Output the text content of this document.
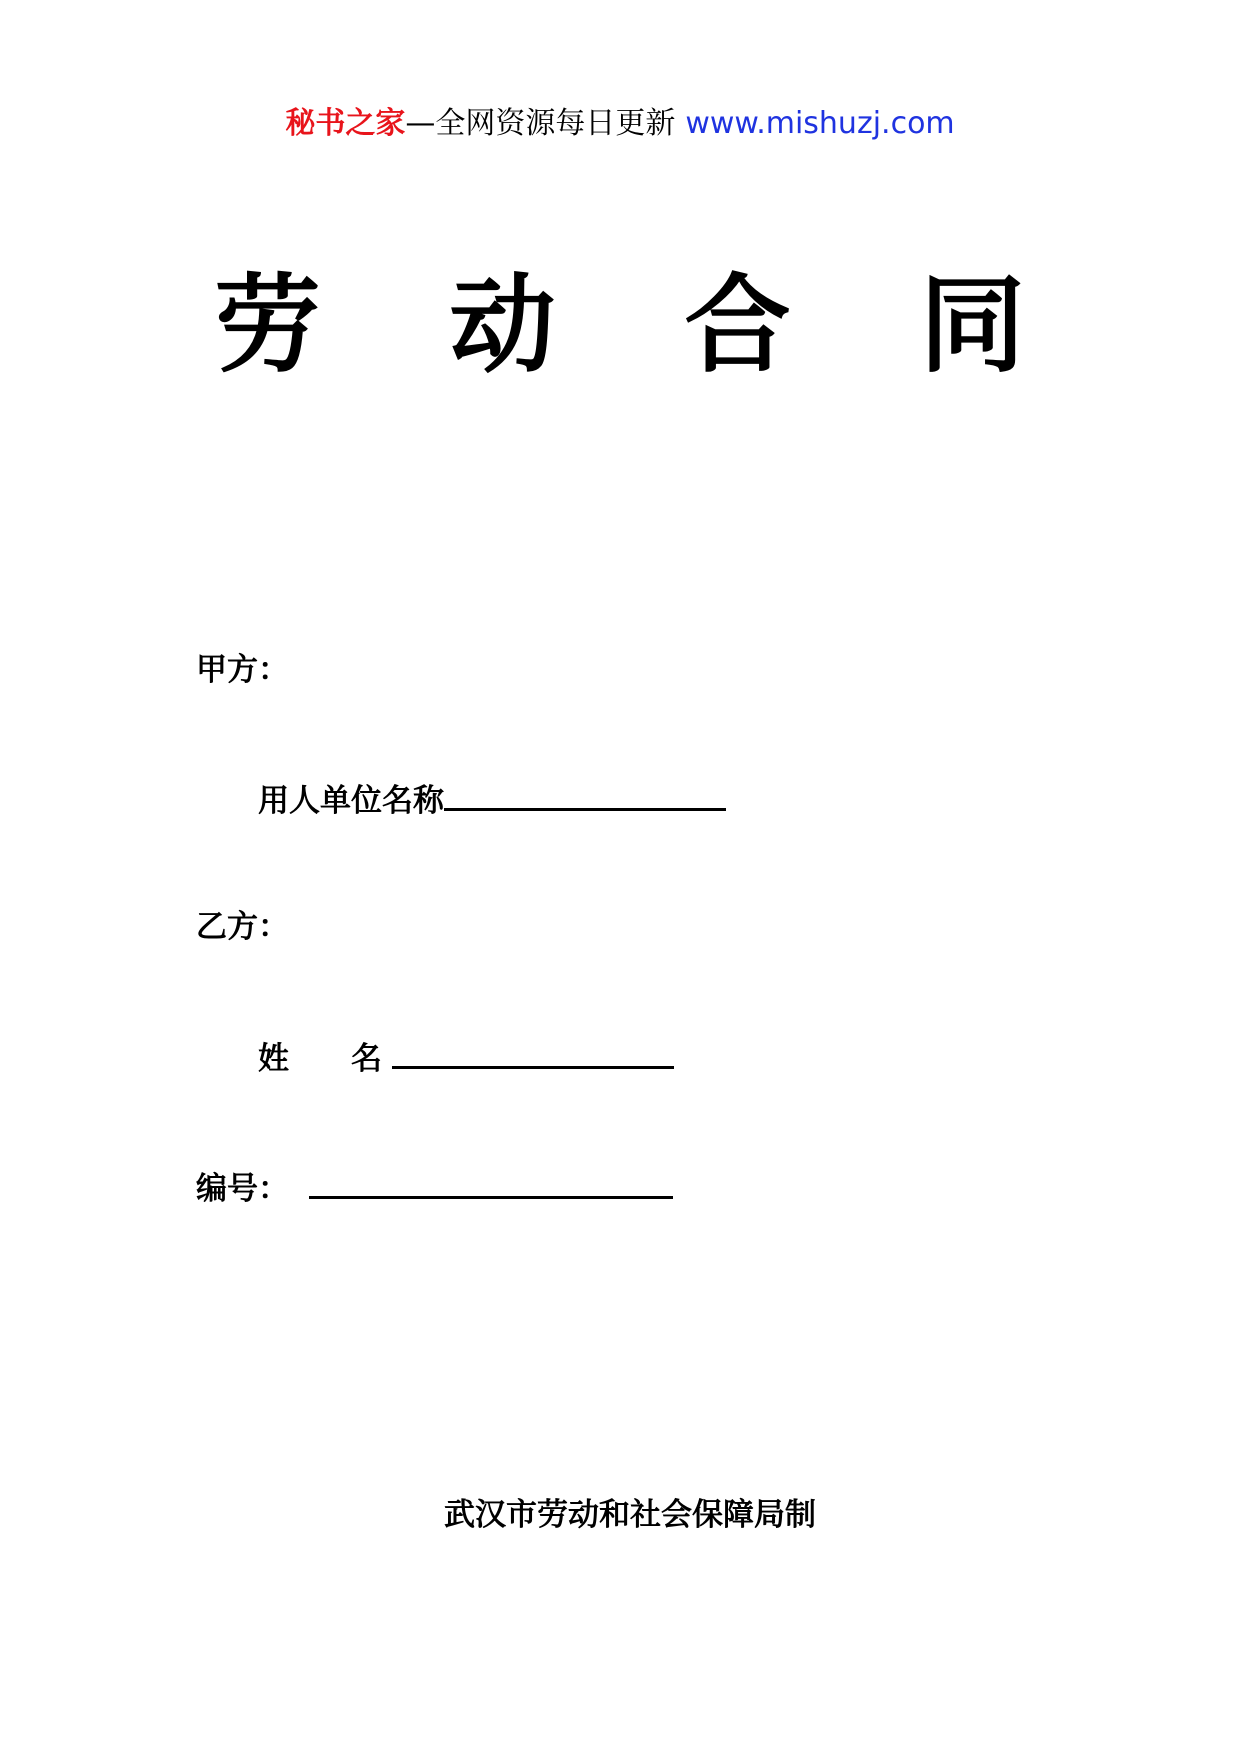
秘书之家—全网资源每日更新 www.mishuzj.com
劳 动 合 同
甲方：
用人单位名称
乙方：
姓　　名
编号：
武汉市劳动和社会保障局制
